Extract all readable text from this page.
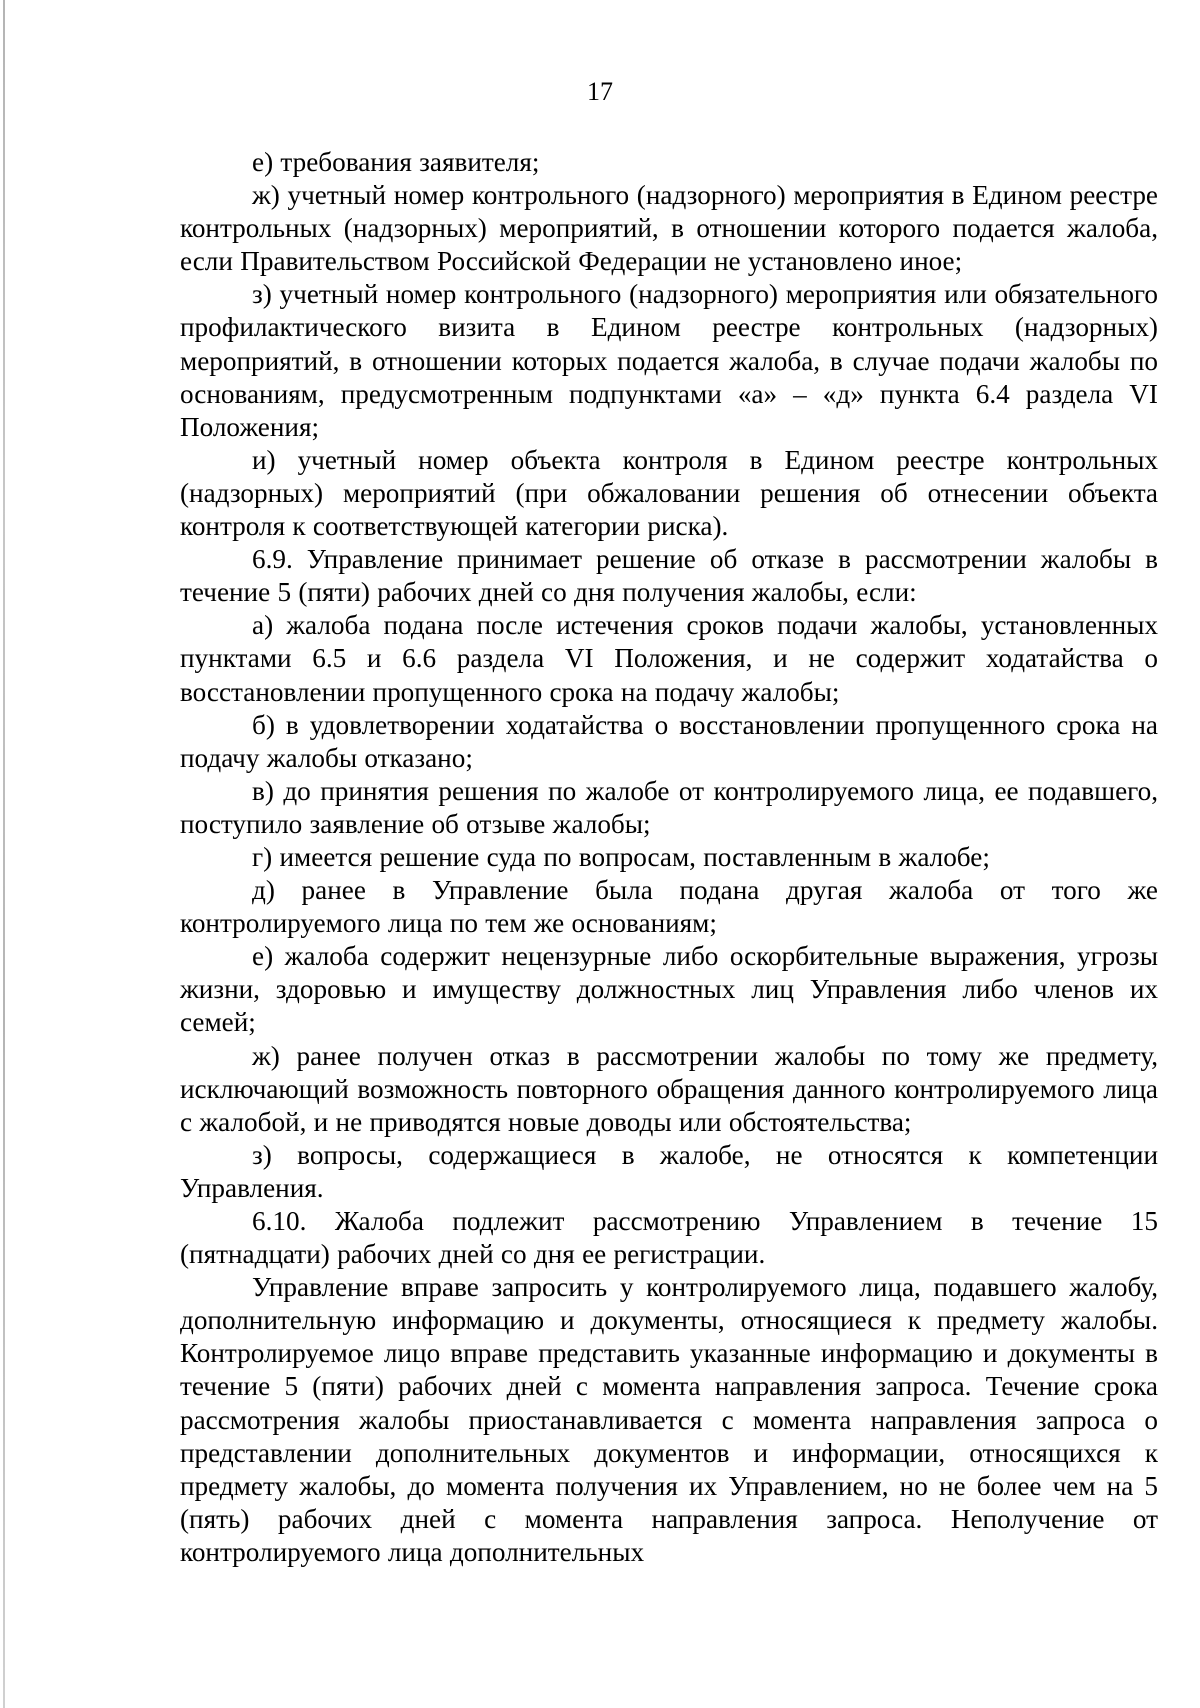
17

е) требования заявителя;

ж) учетный номер контрольного (надзорного) мероприятия в Едином реестре контрольных (надзорных) мероприятий, в отношении которого подается жалоба, если Правительством Российской Федерации не установлено иное;

з) учетный номер контрольного (надзорного) мероприятия или обязательного профилактического визита в Едином реестре контрольных (надзорных) мероприятий, в отношении которых подается жалоба, в случае подачи жалобы по основаниям, предусмотренным подпунктами «а» – «д» пункта 6.4 раздела VI Положения;

и) учетный номер объекта контроля в Едином реестре контрольных (надзорных) мероприятий (при обжаловании решения об отнесении объекта контроля к соответствующей категории риска).

6.9. Управление принимает решение об отказе в рассмотрении жалобы в течение 5 (пяти) рабочих дней со дня получения жалобы, если:

а) жалоба подана после истечения сроков подачи жалобы, установленных пунктами 6.5 и 6.6 раздела VI Положения, и не содержит ходатайства о восстановлении пропущенного срока на подачу жалобы;

б) в удовлетворении ходатайства о восстановлении пропущенного срока на подачу жалобы отказано;

в) до принятия решения по жалобе от контролируемого лица, ее подавшего, поступило заявление об отзыве жалобы;

г) имеется решение суда по вопросам, поставленным в жалобе;

д) ранее в Управление была подана другая жалоба от того же контролируемого лица по тем же основаниям;

е) жалоба содержит нецензурные либо оскорбительные выражения, угрозы жизни, здоровью и имуществу должностных лиц Управления либо членов их семей;

ж) ранее получен отказ в рассмотрении жалобы по тому же предмету, исключающий возможность повторного обращения данного контролируемого лица с жалобой, и не приводятся новые доводы или обстоятельства;

з) вопросы, содержащиеся в жалобе, не относятся к компетенции Управления.

6.10. Жалоба подлежит рассмотрению Управлением в течение 15 (пятнадцати) рабочих дней со дня ее регистрации.

Управление вправе запросить у контролируемого лица, подавшего жалобу, дополнительную информацию и документы, относящиеся к предмету жалобы. Контролируемое лицо вправе представить указанные информацию и документы в течение 5 (пяти) рабочих дней с момента направления запроса. Течение срока рассмотрения жалобы приостанавливается с момента направления запроса о представлении дополнительных документов и информации, относящихся к предмету жалобы, до момента получения их Управлением, но не более чем на 5 (пять) рабочих дней с момента направления запроса. Неполучение от контролируемого лица дополнительных
